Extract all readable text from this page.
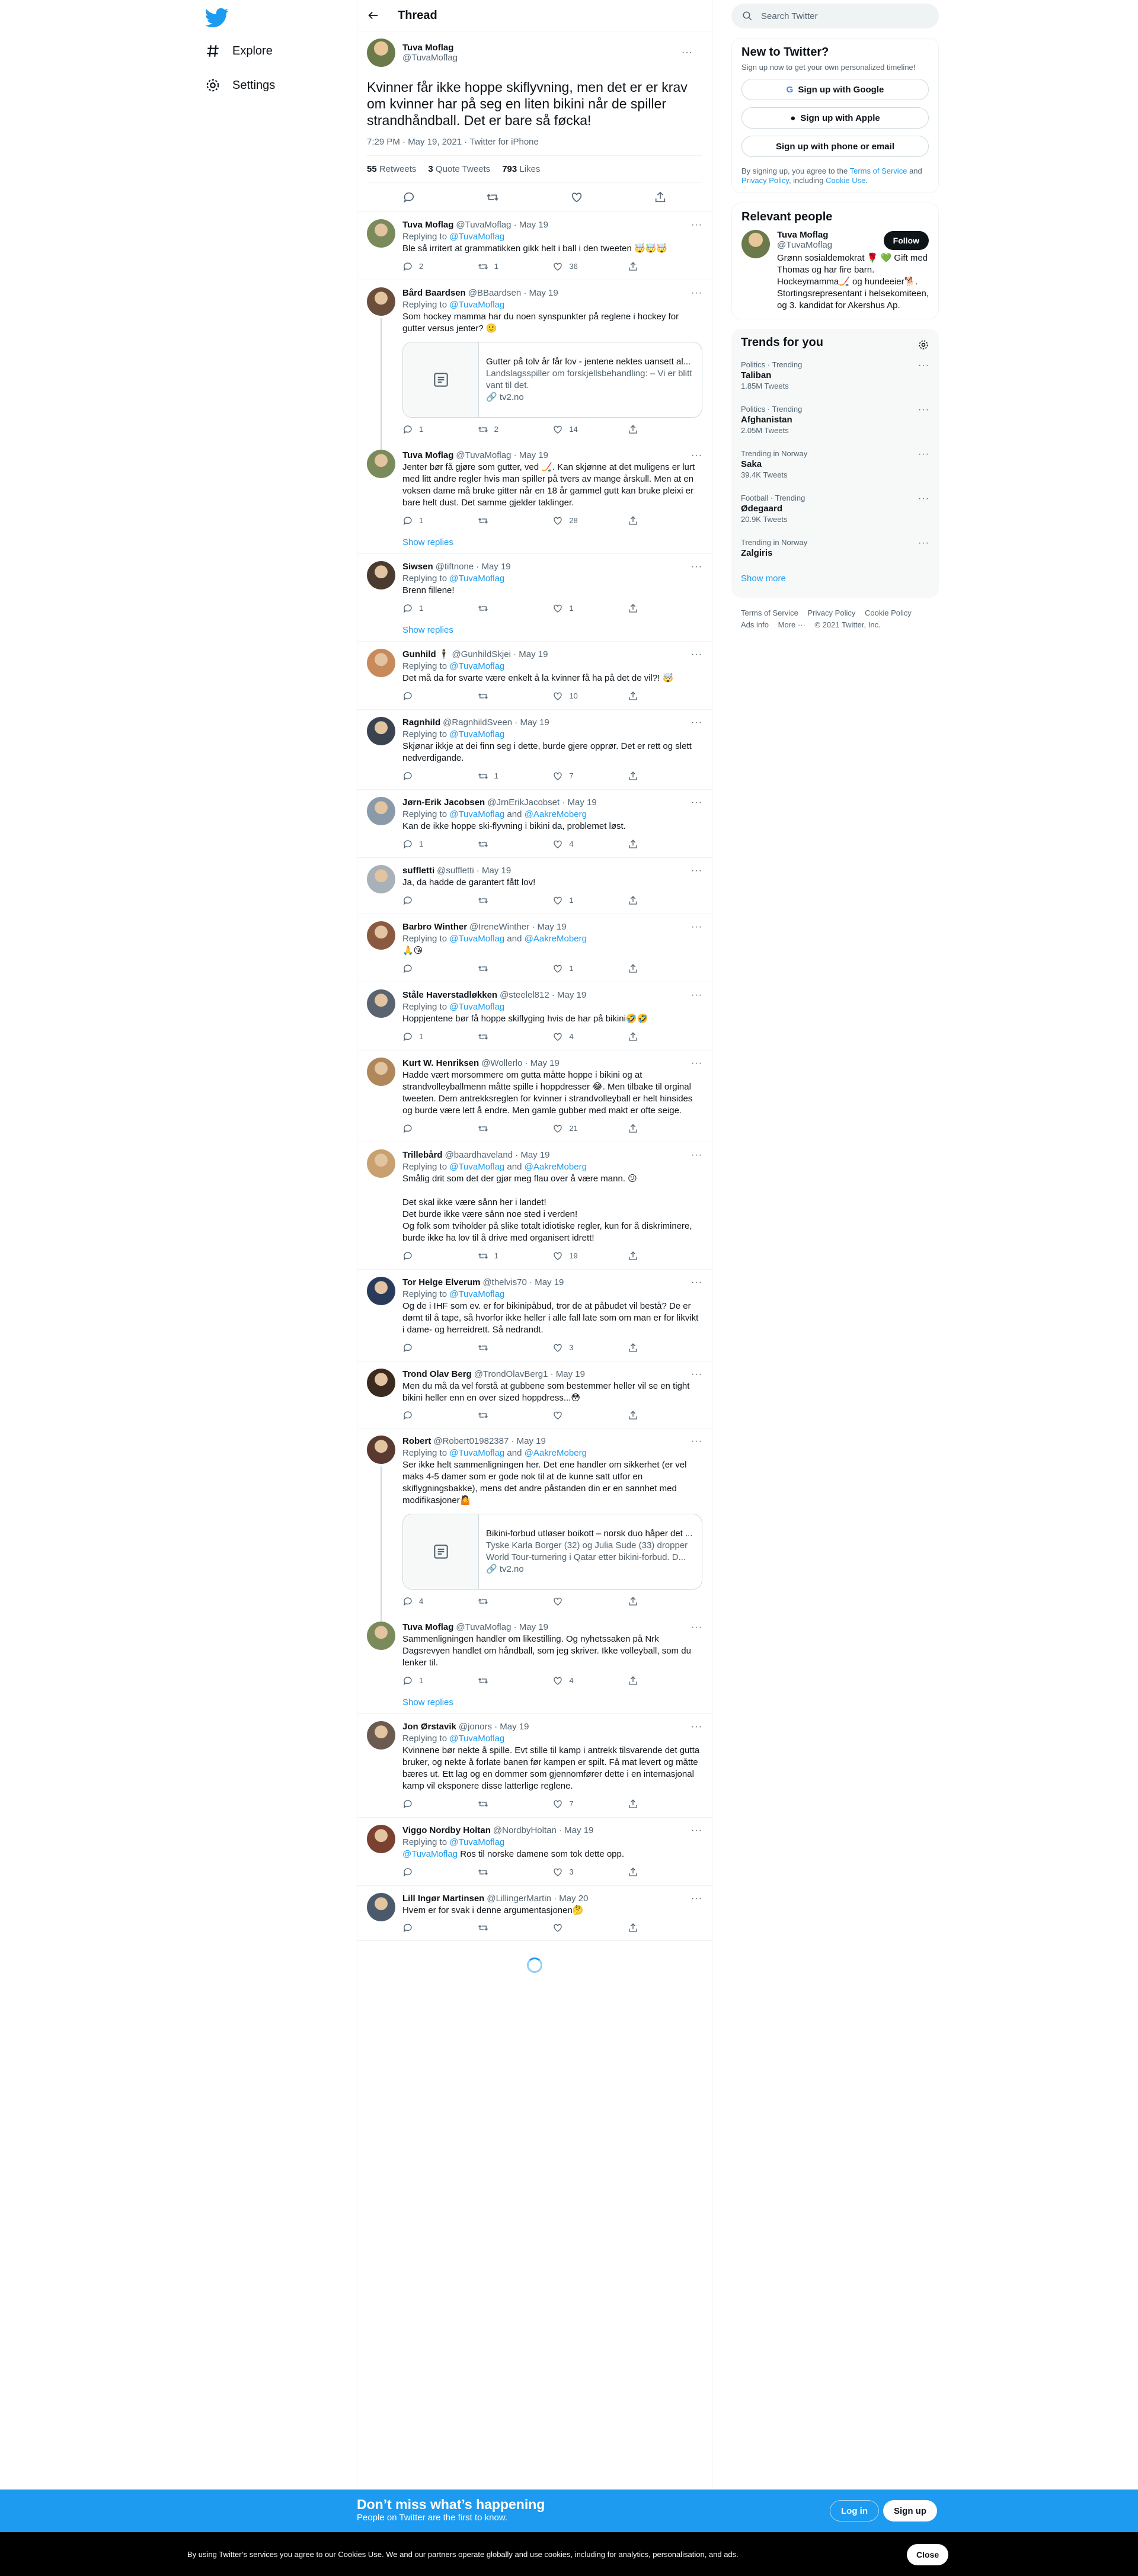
Explore
Settings
Thread
Tuva Moflag
@TuvaMoflag
···
Kvinner får ikke hoppe skiflyvning, men det er er krav om kvinner har på seg en liten bikini når de spiller strandhåndball. Det er bare så føcka!
7:29 PM · May 19, 2021 · Twitter for iPhone
55 Retweets 3 Quote Tweets 793 Likes
Tuva Moflag @TuvaMoflag · May 19	···
Replying to @TuvaMoflag
Ble så irritert at grammatikken gikk helt i ball i den tweeten 🤯🤯🤯
2	1	36
Bård Baardsen @BBaardsen · May 19	···
Replying to @TuvaMoflag
Som hockey mamma har du noen synspunkter på reglene i hockey for gutter versus jenter? 🙂
Gutter på tolv år får lov - jentene nektes uansett al...
Landslagsspiller om forskjellsbehandling: – Vi er blitt vant til det.
🔗 tv2.no
1	2	14
Tuva Moflag @TuvaMoflag · May 19	···
Jenter bør få gjøre som gutter, ved 🏒. Kan skjønne at det muligens er lurt med litt andre regler hvis man spiller på tvers av mange årskull. Men at en voksen dame må bruke gitter når en 18 år gammel gutt kan bruke pleixi er bare helt dust. Det samme gjelder taklinger.
1	28
Show replies
Siwsen @tiftnone · May 19	···
Replying to @TuvaMoflag
Brenn fillene!
1	1
Show replies
Gunhild 🕴 @GunhildSkjei · May 19	···
Replying to @TuvaMoflag
Det må da for svarte være enkelt å la kvinner få ha på det de vil?! 🤯
10
Ragnhild @RagnhildSveen · May 19	···
Replying to @TuvaMoflag
Skjønar ikkje at dei finn seg i dette, burde gjere opprør. Det er rett og slett nedverdigande.
1	7
Jørn-Erik Jacobsen @JrnErikJacobset · May 19	···
Replying to @TuvaMoflag and @AakreMoberg
Kan de ikke hoppe ski-flyvning i bikini da, problemet løst.
1	4
suffletti @suffletti · May 19	···
Ja, da hadde de garantert fått lov!
1
Barbro Winther @IreneWinther · May 19	···
Replying to @TuvaMoflag and @AakreMoberg
🙏😘
1
Ståle Haverstadløkken @steelel812 · May 19	···
Replying to @TuvaMoflag
Hoppjentene bør få hoppe skiflyging hvis de har på bikini🤣🤣
1	4
Kurt W. Henriksen @Wollerlo · May 19	···
Hadde vært morsommere om gutta måtte hoppe i bikini og at strandvolleyballmenn måtte spille i hoppdresser 😂. Men tilbake til orginal tweeten. Dem antrekksreglen for kvinner i strandvolleyball er helt hinsides og burde være lett å endre. Men gamle gubber med makt er ofte seige.
21
Trillebård @baardhaveland · May 19	···
Replying to @TuvaMoflag and @AakreMoberg
Smålig drit som det der gjør meg flau over å være mann. 😕

Det skal ikke være sånn her i landet!
Det burde ikke være sånn noe sted i verden!
Og folk som tviholder på slike totalt idiotiske regler, kun for å diskriminere, burde ikke ha lov til å drive med organisert idrett!
1	19
Tor Helge Elverum @thelvis70 · May 19	···
Replying to @TuvaMoflag
Og de i IHF som ev. er for bikinipåbud, tror de at påbudet vil bestå? De er dømt til å tape, så hvorfor ikke heller i alle fall late som om man er for likvikt i dame- og herreidrett. Så nedrandt.
3
Trond Olav Berg @TrondOlavBerg1 · May 19	···
Men du må da vel forstå at gubbene som bestemmer heller vil se en tight bikini heller enn en over sized hoppdress...😳
Robert @Robert01982387 · May 19	···
Replying to @TuvaMoflag and @AakreMoberg
Ser ikke helt sammenligningen her. Det ene handler om sikkerhet (er vel maks 4-5 damer som er gode nok til at de kunne satt utfor en skiflygningsbakke), mens det andre påstanden din er en sannhet med modifikasjoner🤷
Bikini-forbud utløser boikott – norsk duo håper det ...
Tyske Karla Borger (32) og Julia Sude (33) dropper World Tour-turnering i Qatar etter bikini-forbud. D...
🔗 tv2.no
4
Tuva Moflag @TuvaMoflag · May 19	···
Sammenligningen handler om likestilling. Og nyhetssaken på Nrk Dagsrevyen handlet om håndball, som jeg skriver. Ikke volleyball, som du lenker til.
1	4
Show replies
Jon Ørstavik @jonors · May 19	···
Replying to @TuvaMoflag
Kvinnene bør nekte å spille. Evt stille til kamp i antrekk tilsvarende det gutta bruker, og nekte å forlate banen før kampen er spilt. Få mat levert og måtte bæres ut. Ett lag og en dommer som gjennomfører dette i en internasjonal kamp vil eksponere disse latterlige reglene.
7
Viggo Nordby Holtan @NordbyHoltan · May 19	···
Replying to @TuvaMoflag
@TuvaMoflag Ros til norske damene som tok dette opp.
3
Lill Ingør Martinsen @LillingerMartin · May 20	···
Hvem er for svak i denne argumentasjonen🤔
Search Twitter
New to Twitter?
Sign up now to get your own personalized timeline!
G Sign up with Google
● Sign up with Apple
Sign up with phone or email
By signing up, you agree to the Terms of Service and Privacy Policy, including Cookie Use.
Relevant people
Tuva Moflag
@TuvaMoflag
Grønn sosialdemokrat 🌹 💚 Gift med Thomas og har fire barn. Hockeymamma🏒 og hundeeier🐕. Stortingsrepresentant i helsekomiteen, og 3. kandidat for Akershus Ap.
Follow
Trends for you
Politics · Trending
Taliban
1.85M Tweets
···
Politics · Trending
Afghanistan
2.05M Tweets
···
Trending in Norway
Saka
39.4K Tweets
···
Football · Trending
Ødegaard
20.9K Tweets
···
Trending in Norway
Zalgiris
···
Show more
Terms of Service Privacy Policy Cookie Policy
Ads info More ··· © 2021 Twitter, Inc.
Don’t miss what’s happening

People on Twitter are the first to know.

Log in	Sign up

By using Twitter’s services you agree to our Cookies Use. We and our partners operate globally and use cookies, including for analytics, personalisation, and ads.	Close
